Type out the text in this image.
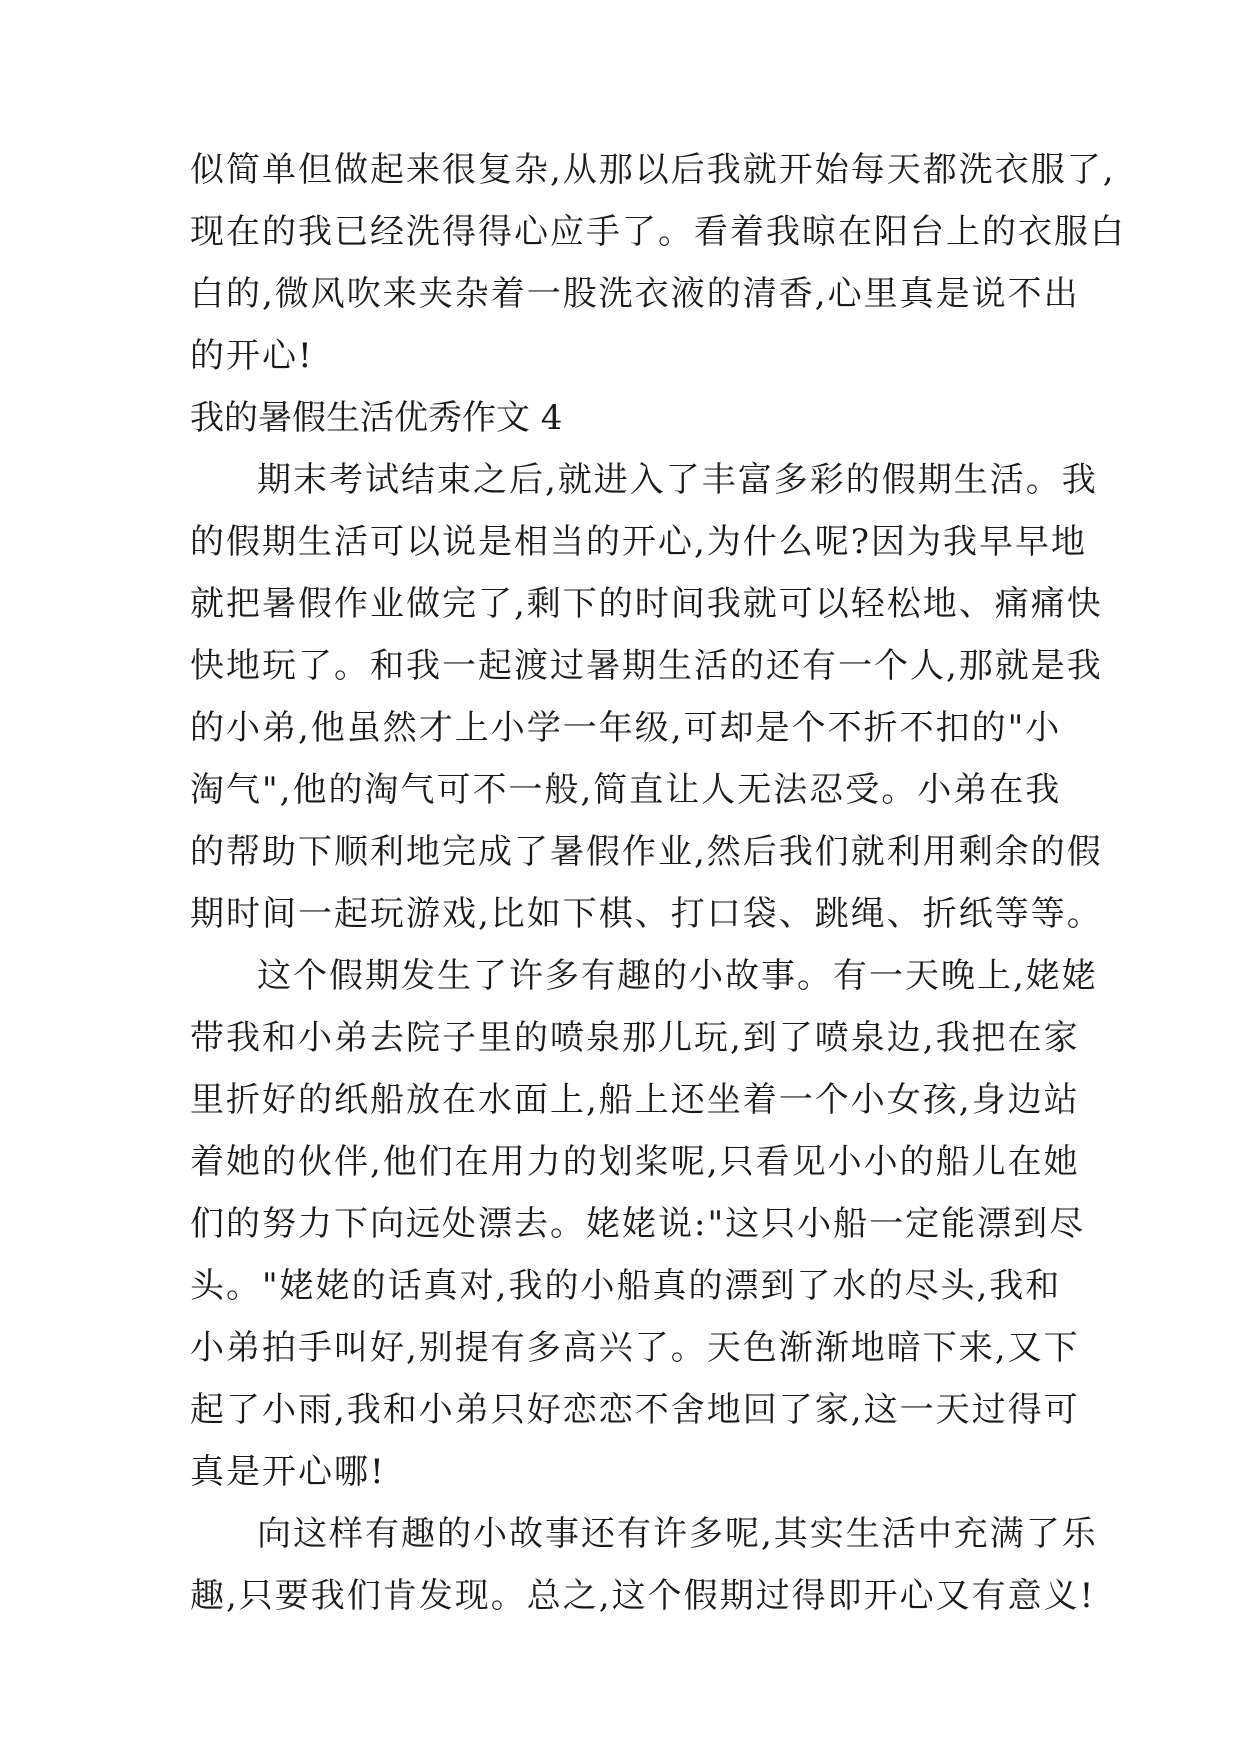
似简单但做起来很复杂,从那以后我就开始每天都洗衣服了,
现在的我已经洗得得心应手了。看着我晾在阳台上的衣服白
白的,微风吹来夹杂着一股洗衣液的清香,心里真是说不出
的开心!
我的暑假生活优秀作文 4
期末考试结束之后,就进入了丰富多彩的假期生活。我
的假期生活可以说是相当的开心,为什么呢?因为我早早地
就把暑假作业做完了,剩下的时间我就可以轻松地、痛痛快
快地玩了。和我一起渡过暑期生活的还有一个人,那就是我
的小弟,他虽然才上小学一年级,可却是个不折不扣的"小
淘气",他的淘气可不一般,简直让人无法忍受。小弟在我
的帮助下顺利地完成了暑假作业,然后我们就利用剩余的假
期时间一起玩游戏,比如下棋、打口袋、跳绳、折纸等等。
这个假期发生了许多有趣的小故事。有一天晚上,姥姥
带我和小弟去院子里的喷泉那儿玩,到了喷泉边,我把在家
里折好的纸船放在水面上,船上还坐着一个小女孩,身边站
着她的伙伴,他们在用力的划桨呢,只看见小小的船儿在她
们的努力下向远处漂去。姥姥说:"这只小船一定能漂到尽
头。"姥姥的话真对,我的小船真的漂到了水的尽头,我和
小弟拍手叫好,别提有多高兴了。天色渐渐地暗下来,又下
起了小雨,我和小弟只好恋恋不舍地回了家,这一天过得可
真是开心哪!
向这样有趣的小故事还有许多呢,其实生活中充满了乐
趣,只要我们肯发现。总之,这个假期过得即开心又有意义!
